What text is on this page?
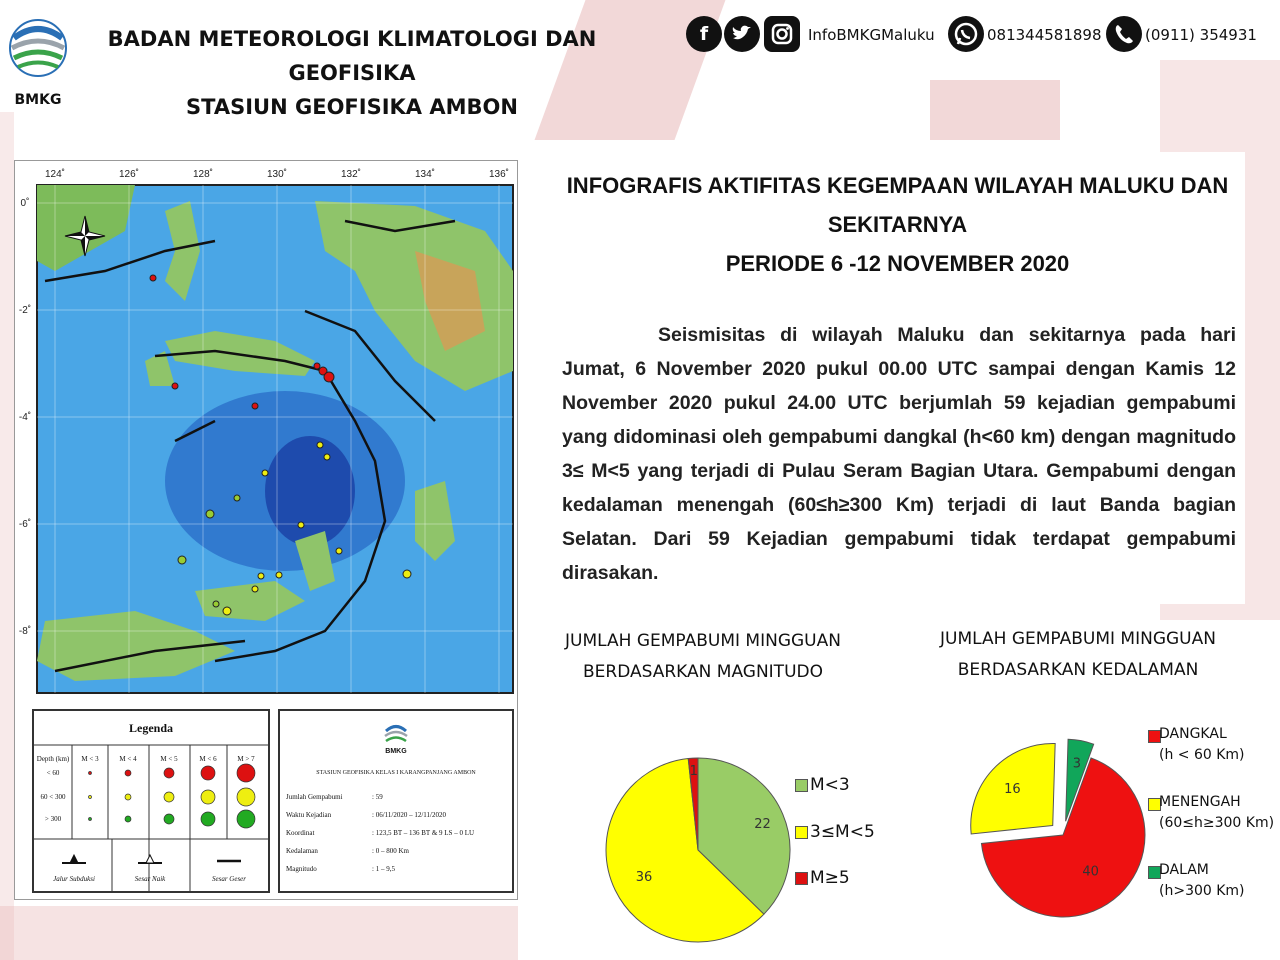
BMKG
BADAN METEOROLOGI KLIMATOLOGI DAN GEOFISIKA
STASIUN GEOFISIKA AMBON
f	InfoBMKGMaluku	081344581898	(0911) 354931
124˚	126˚	128˚	130˚	132˚	134˚	136˚
0˚
-2˚
-4˚
-6˚
-8˚
Legenda
Depth (km) M < 3	M < 4	M < 5	M < 6	M > 7
< 60
60 < 300
> 300
Jalur Subduksi	Sesar Naik	Sesar Geser
BMKG
STASIUN GEOFISIKA KELAS I KARANGPANJANG AMBON
Jumlah Gempabumi	: 59
Waktu Kejadian	: 06/11/2020 – 12/11/2020
Koordinat	: 123,5 BT – 136 BT & 9 LS – 0 LU
Kedalaman	: 0 – 800 Km
Magnitudo	: 1 – 9,5
INFOGRAFIS AKTIFITAS KEGEMPAAN WILAYAH MALUKU DAN
SEKITARNYA
PERIODE 6 -12 NOVEMBER 2020
Seismisitas di wilayah Maluku dan sekitarnya pada hari Jumat, 6 November 2020 pukul 00.00 UTC sampai dengan Kamis 12 November 2020 pukul 24.00 UTC berjumlah 59 kejadian gempabumi yang didominasi oleh gempabumi dangkal (h<60 km) dengan magnitudo 3≤ M<5 yang terjadi di Pulau Seram Bagian Utara. Gempabumi dengan kedalaman menengah (60≤h≥300 Km) terjadi di laut Banda bagian Selatan. Dari 59 Kejadian gempabumi tidak terdapat gempabumi dirasakan.
JUMLAH GEMPABUMI MINGGUAN
BERDASARKAN MAGNITUDO
JUMLAH GEMPABUMI MINGGUAN
BERDASARKAN KEDALAMAN
22
36
1
40
16
3
M<3
3≤M<5
M≥5
DANGKAL
(h < 60 Km)
MENENGAH
(60≤h≥300 Km)
DALAM
(h>300 Km)
